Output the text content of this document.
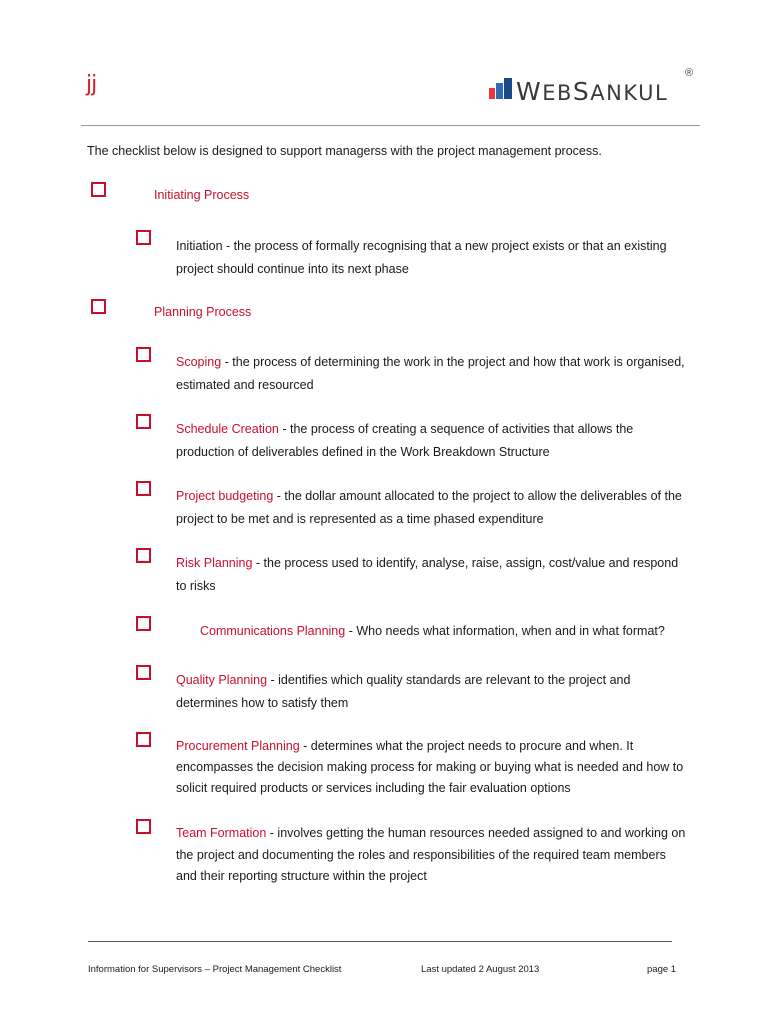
jj	WEBSANKUL
®
The checklist below is designed to support managerss with the project management process.
Initiating Process
Initiation - the process of formally recognising that a new project exists or that an existing project should continue into its next phase
Planning Process
Scoping - the process of determining the work in the project and how that work is organised, estimated and resourced
Schedule Creation - the process of creating a sequence of activities that allows the production of deliverables defined in the Work Breakdown Structure
Project budgeting - the dollar amount allocated to the project to allow the deliverables of the project to be met and is represented as a time phased expenditure
Risk Planning - the process used to identify, analyse, raise, assign, cost/value and respond to risks
Communications Planning - Who needs what information, when and in what format?
Quality Planning - identifies which quality standards are relevant to the project and determines how to satisfy them
Procurement Planning - determines what the project needs to procure and when. It encompasses the decision making process for making or buying what is needed and how to solicit required products or services including the fair evaluation options
Team Formation - involves getting the human resources needed assigned to and working on the project and documenting the roles and responsibilities of the required team members and their reporting structure within the project
Information for Supervisors – Project Management Checklist	Last updated 2 August 2013	page 1
